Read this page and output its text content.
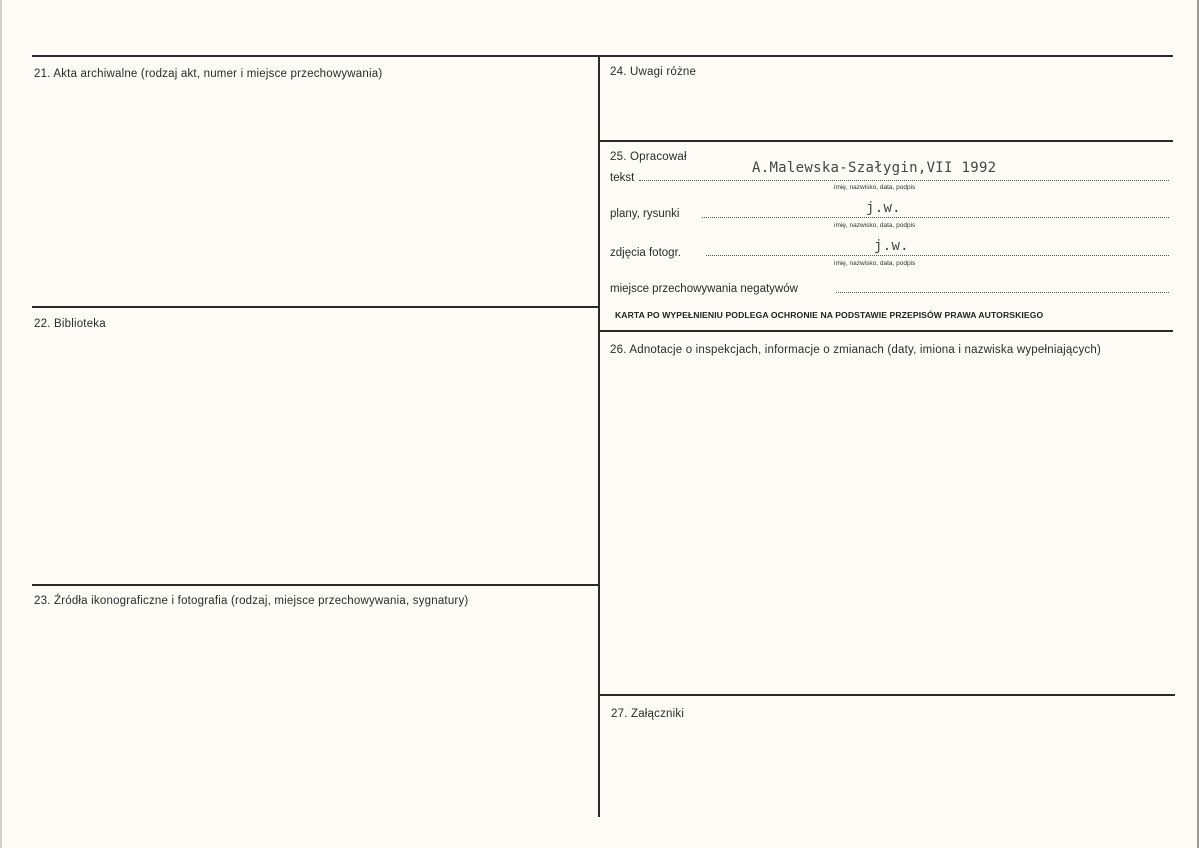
21. Akta archiwalne (rodzaj akt, numer i miejsce przechowywania)
22. Biblioteka
23. Źródła ikonograficzne i fotografia (rodzaj, miejsce przechowywania, sygnatury)
24. Uwagi różne
25. Opracował
tekst
A.Malewska-Szałygin,VII 1992
imię, nazwisko, data, podpis
plany, rysunki	j.w.
imię, nazwisko, data, podpis
zdjęcia fotogr.	j.w.
imię, nazwisko, data, podpis
miejsce przechowywania negatywów
KARTA PO WYPEŁNIENIU PODLEGA OCHRONIE NA PODSTAWIE PRZEPISÓW PRAWA AUTORSKIEGO
26. Adnotacje o inspekcjach, informacje o zmianach (daty, imiona i nazwiska wypełniających)
27. Załączniki
